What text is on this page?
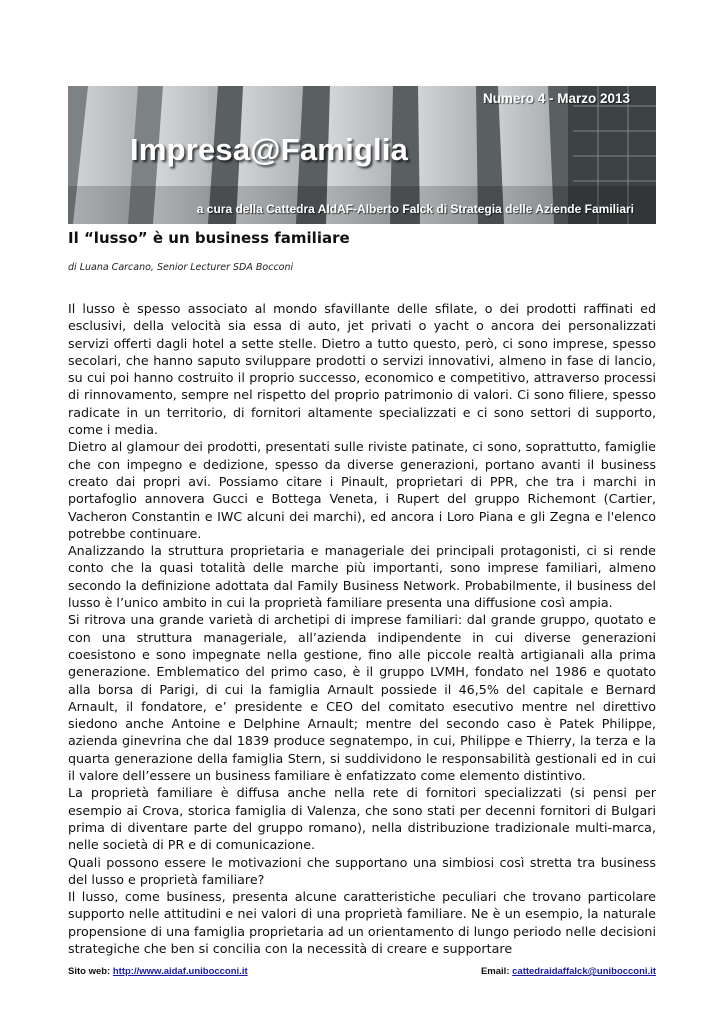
Numero 4 - Marzo 2013
Impresa@Famiglia
a cura della Cattedra AIdAF-Alberto Falck di Strategia delle Aziende Familiari
Il “lusso” è un business familiare
di Luana Carcano, Senior Lecturer SDA Bocconi

Il lusso è spesso associato al mondo sfavillante delle sfilate, o dei prodotti raffinati ed esclusivi, della velocità sia essa di auto, jet privati o yacht o ancora dei personalizzati servizi offerti dagli hotel a sette stelle. Dietro a tutto questo, però, ci sono imprese, spesso secolari, che hanno saputo sviluppare prodotti o servizi innovativi, almeno in fase di lancio, su cui poi hanno costruito il proprio successo, economico e competitivo, attraverso processi di rinnovamento, sempre nel rispetto del proprio patrimonio di valori. Ci sono filiere, spesso radicate in un territorio, di fornitori altamente specializzati e ci sono settori di supporto, come i media.

Dietro al glamour dei prodotti, presentati sulle riviste patinate, ci sono, soprattutto, famiglie che con impegno e dedizione, spesso da diverse generazioni, portano avanti il business creato dai propri avi. Possiamo citare i Pinault, proprietari di PPR, che tra i marchi in portafoglio annovera Gucci e Bottega Veneta, i Rupert del gruppo Richemont (Cartier, Vacheron Constantin e IWC alcuni dei marchi), ed ancora i Loro Piana e gli Zegna e l'elenco potrebbe continuare.

Analizzando la struttura proprietaria e manageriale dei principali protagonisti, ci si rende conto che la quasi totalità delle marche più importanti, sono imprese familiari, almeno secondo la definizione adottata dal Family Business Network. Probabilmente, il business del lusso è l’unico ambito in cui la proprietà familiare presenta una diffusione così ampia.

Si ritrova una grande varietà di archetipi di imprese familiari: dal grande gruppo, quotato e con una struttura manageriale, all’azienda indipendente in cui diverse generazioni coesistono e sono impegnate nella gestione, fino alle piccole realtà artigianali alla prima generazione. Emblematico del primo caso, è il gruppo LVMH, fondato nel 1986 e quotato alla borsa di Parigi, di cui la famiglia Arnault possiede il 46,5% del capitale e Bernard Arnault, il fondatore, e’ presidente e CEO del comitato esecutivo mentre nel direttivo siedono anche Antoine e Delphine Arnault; mentre del secondo caso è Patek Philippe, azienda ginevrina che dal 1839 produce segnatempo, in cui, Philippe e Thierry, la terza e la quarta generazione della famiglia Stern, si suddividono le responsabilità gestionali ed in cui il valore dell’essere un business familiare è enfatizzato come elemento distintivo.

La proprietà familiare è diffusa anche nella rete di fornitori specializzati (si pensi per esempio ai Crova, storica famiglia di Valenza, che sono stati per decenni fornitori di Bulgari prima di diventare parte del gruppo romano), nella distribuzione tradizionale multi-marca, nelle società di PR e di comunicazione.

Quali possono essere le motivazioni che supportano una simbiosi così stretta tra business del lusso e proprietà familiare?

Il lusso, come business, presenta alcune caratteristiche peculiari che trovano particolare supporto nelle attitudini e nei valori di una proprietà familiare. Ne è un esempio, la naturale propensione di una famiglia proprietaria ad un orientamento di lungo periodo nelle decisioni strategiche che ben si concilia con la necessità di creare e supportare

Sito web: http://www.aidaf.unibocconi.it	Email: cattedraidaffalck@unibocconi.it
